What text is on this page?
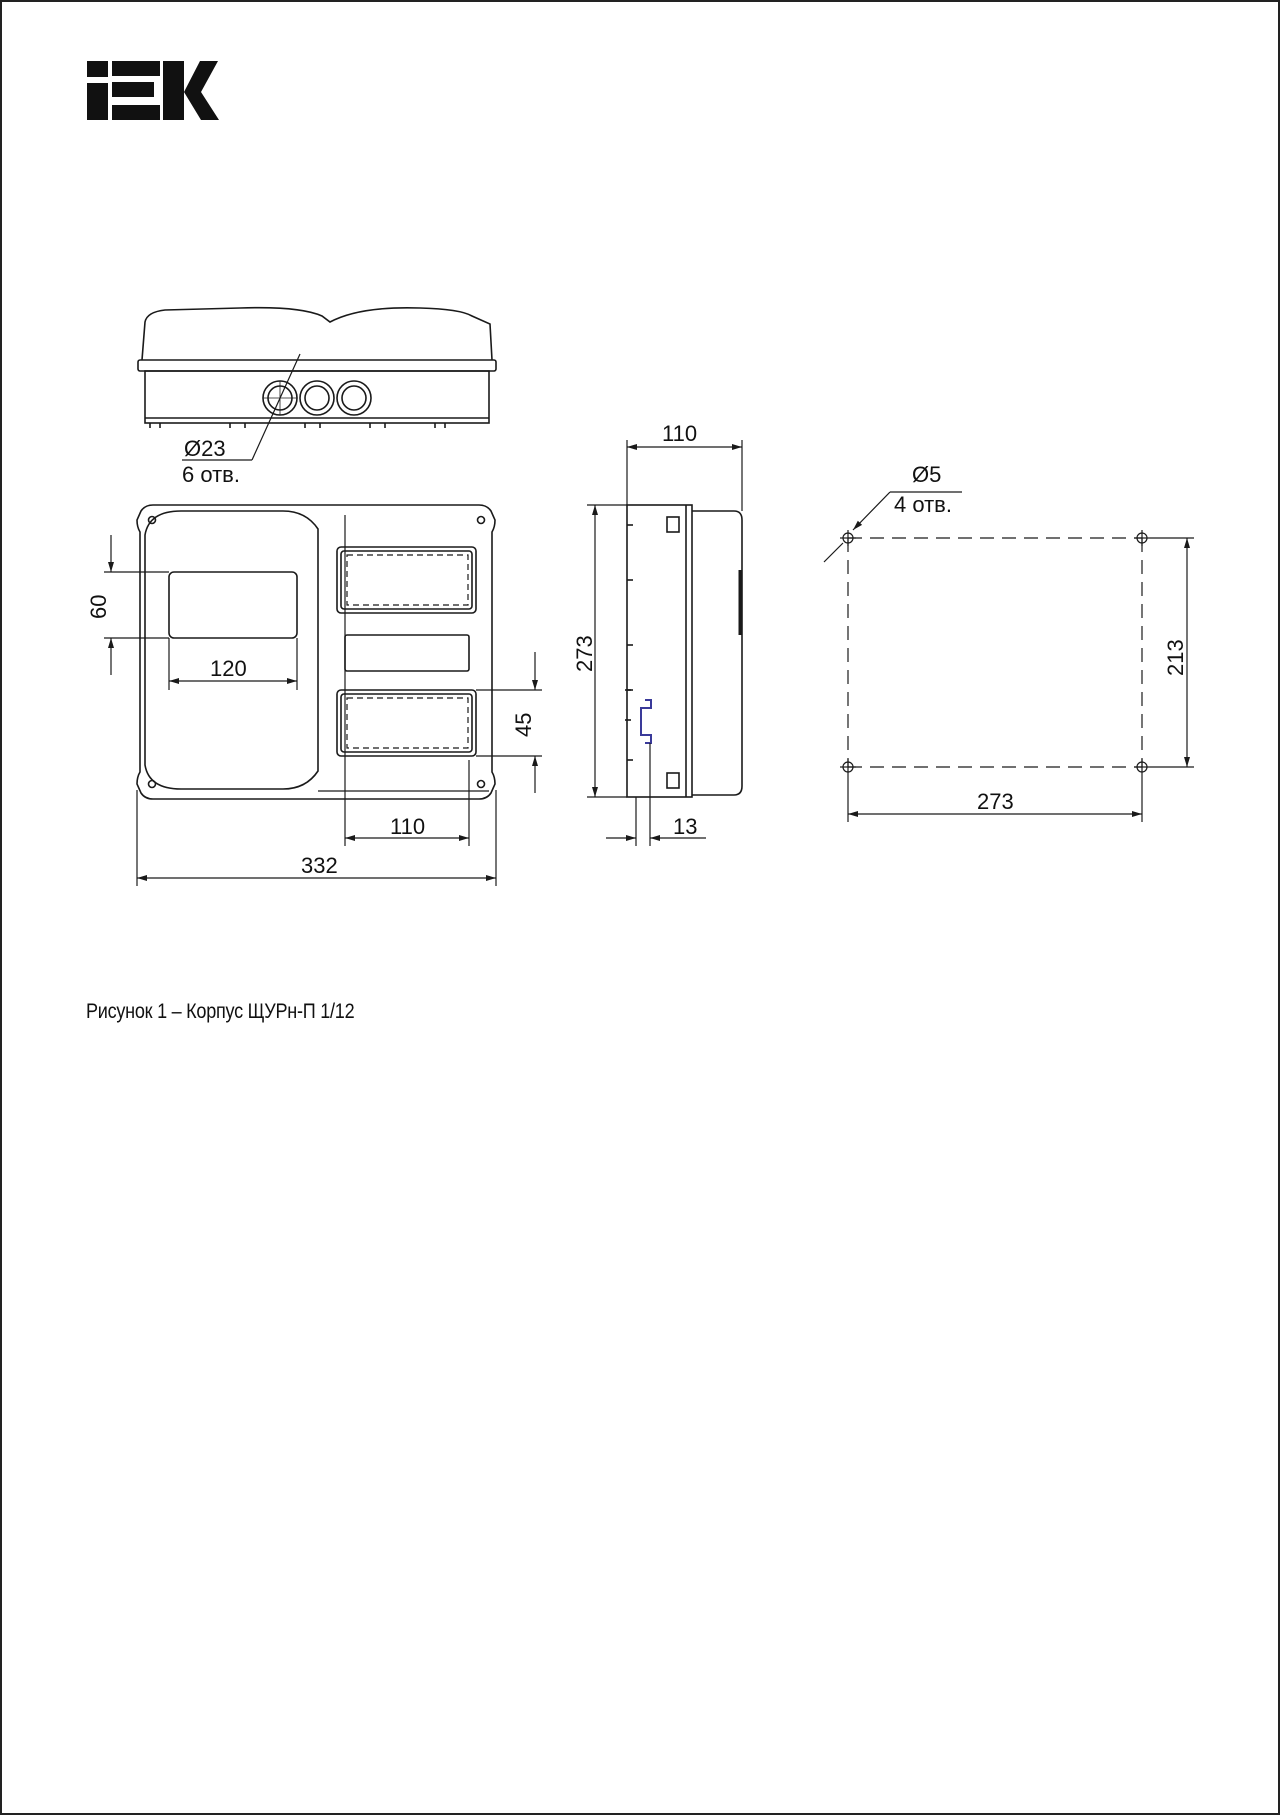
Ø23
6 отв.
60
120
45
110
332
110
273
13
Ø5
4 отв.
213
273
Рисунок 1 – Корпус ЩУРн-П 1/12
